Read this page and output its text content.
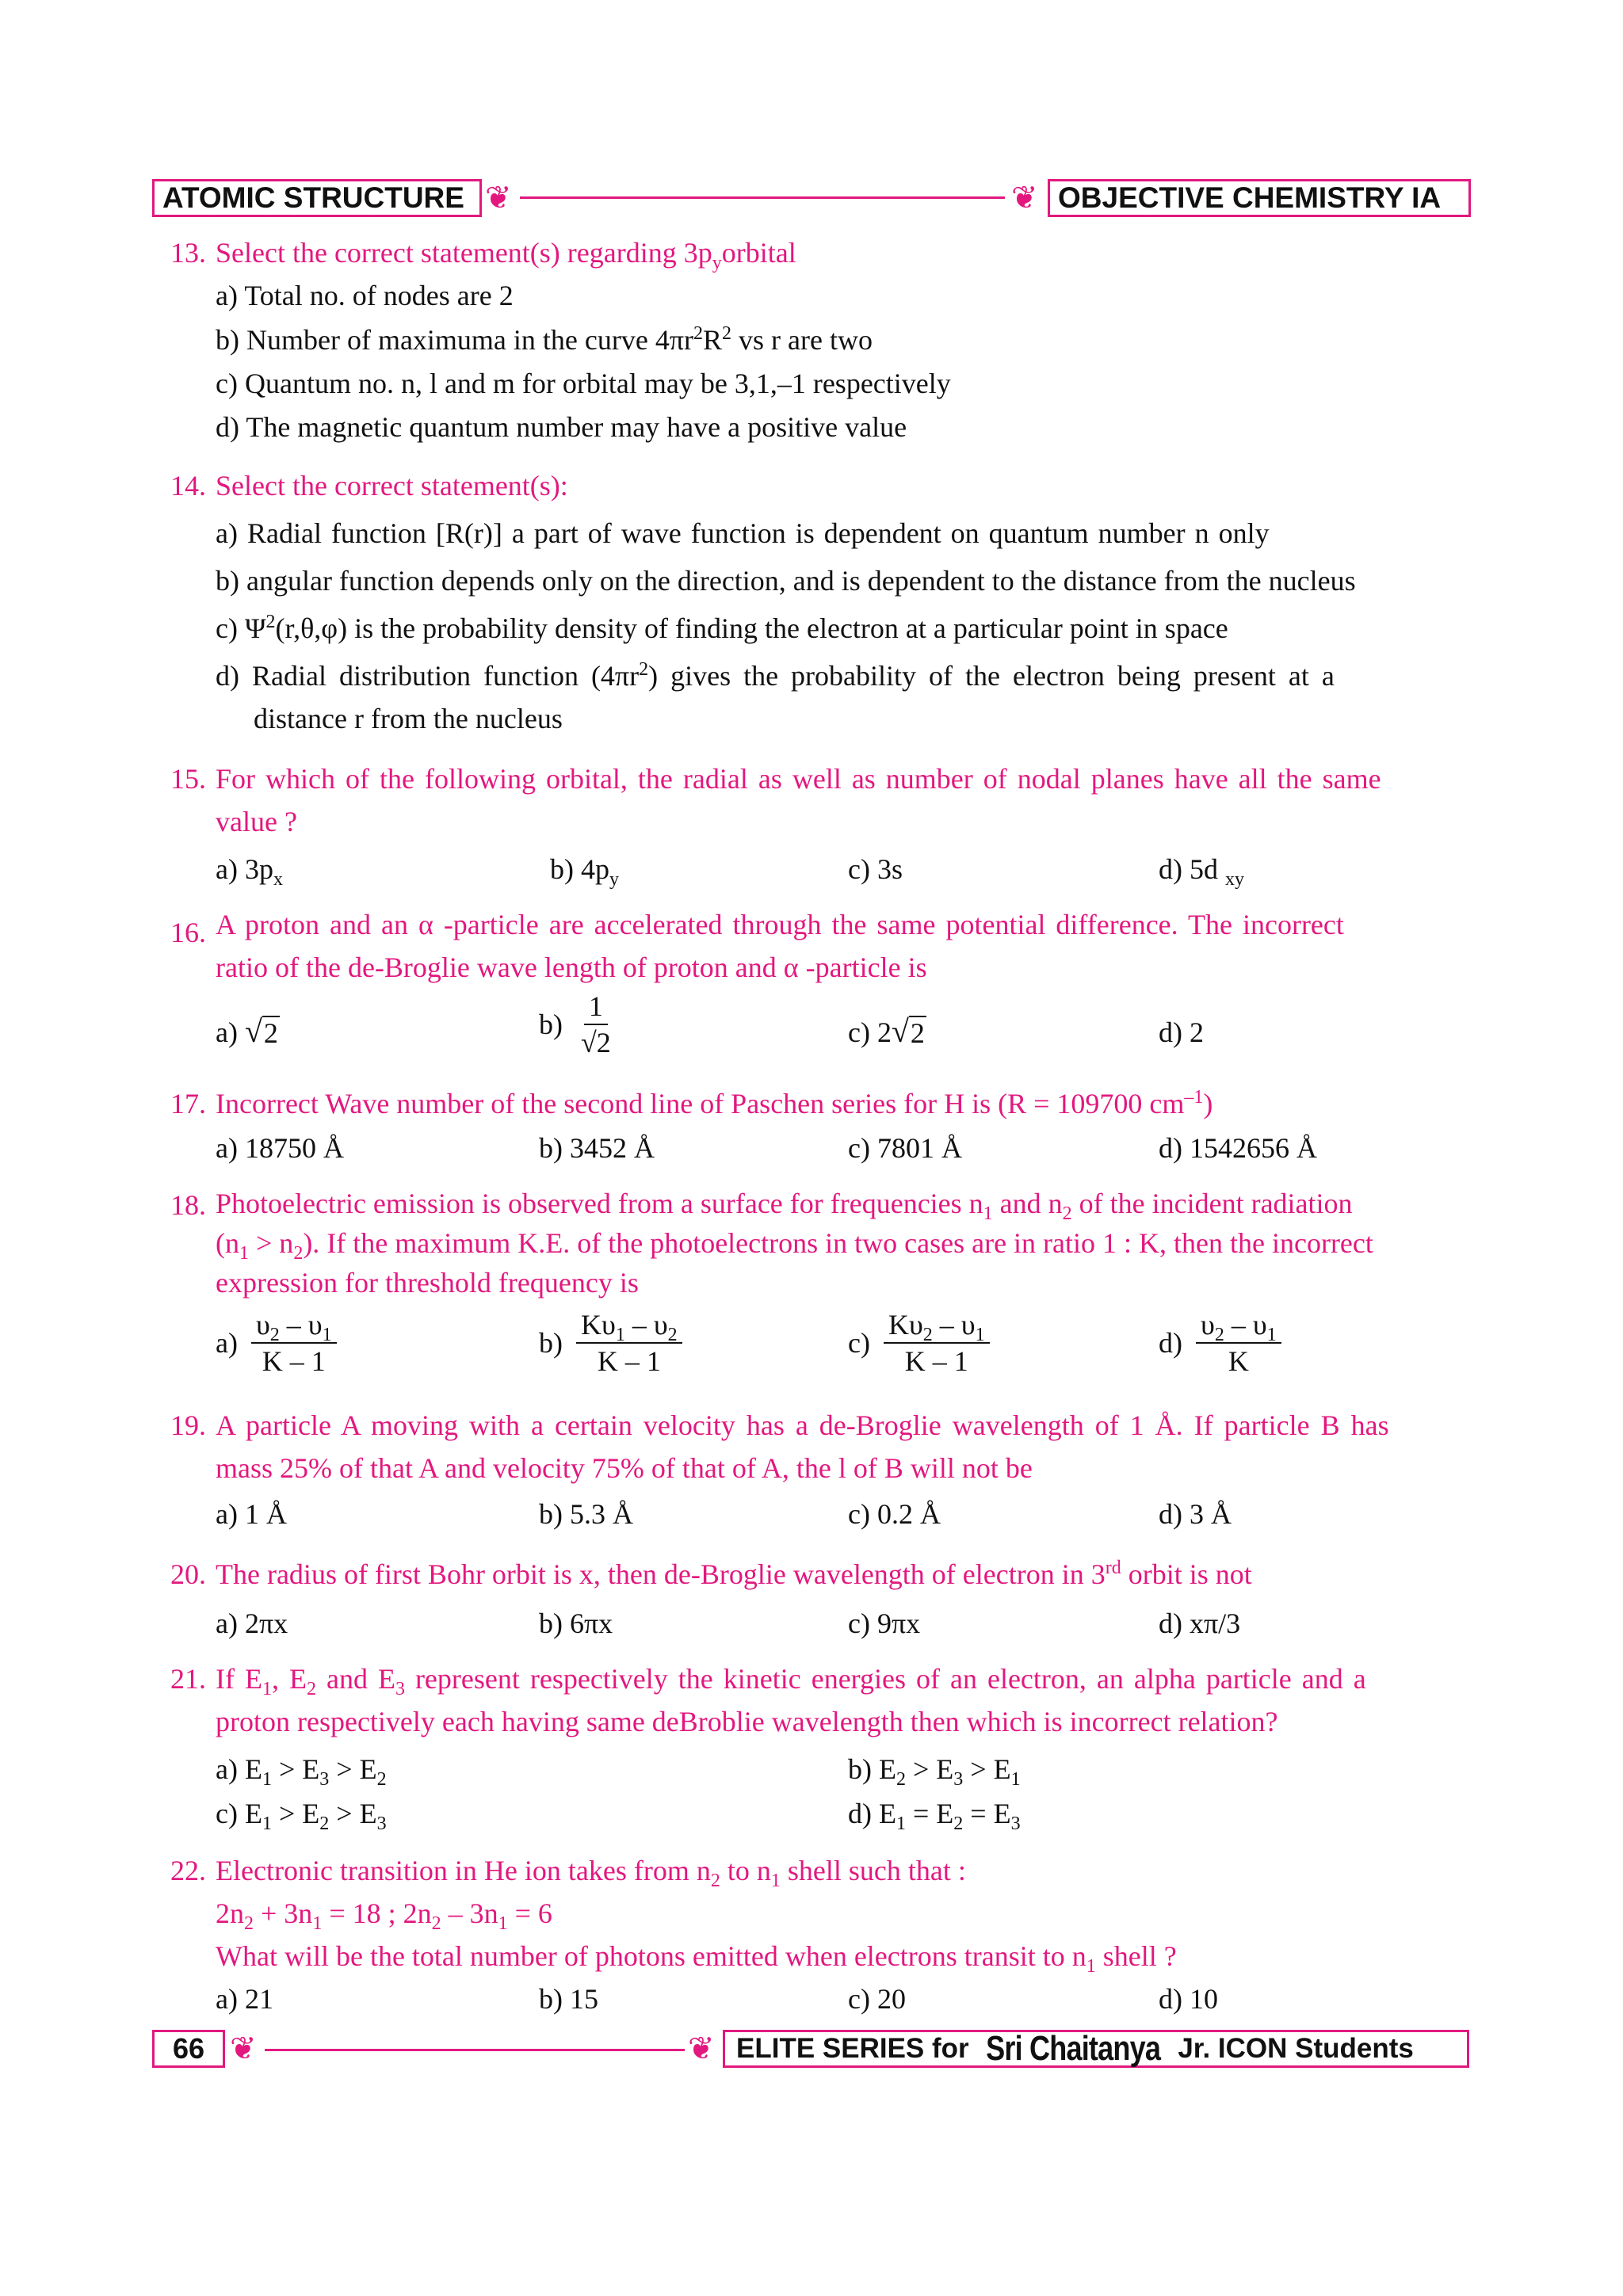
ATOMIC STRUCTURE ❦	❦ OBJECTIVE CHEMISTRY IA
13. Select the correct statement(s) regarding $3p_yorbital$
a) Total no. of nodes are 2
b) Number of maximuma in the curve $4\pi r^2R^2$ vs r are two
c) Quantum no. n, l and m for orbital may be 3,1,–1 respectively
d) The magnetic quantum number may have a positive value
14. Select the correct statement(s):
a) Radial function [R(r)] a part of wave function is dependent on quantum number n only
b) angular function depends only on the direction, and is dependent to the distance from the nucleus
c) $\Psi^2(r,\theta,\varphi)$ is the probability density of finding the electron at a particular point in space
d) Radial distribution function $(4\pi r^2)$ gives the probability of the electron being present at a
distance r from the nucleus
15. For which of the following orbital, the radial as well as number of nodal planes have all the same
value ?
a) $3p_x$	b) $4p_y$	c) 3s	d) 5d $_{xy}$
16. A proton and an α -particle are accelerated through the same potential difference. The incorrect
ratio of the de-Broglie wave length of proton and α -particle is
a) √ 2	$b) \frac{1}{√2}$	c) 2 √ 2	d) 2
17. Incorrect Wave number of the second line of Paschen series for H is (R = 109700 $cm^{-1}$)
a) 18750 Å	b) 3452 Å	c) 7801 Å	d) 1542656 Å
18. Photoelectric emission is observed from a surface for frequencies $n_1$ and $n_2$ of the incident radiation
$(n_1 > n_2)$. If the maximum K.E. of the photoelectrons in two cases are in ratio 1 : K, then the incorrect
expression for threshold frequency is
$a) \frac{\upsilon_2 - \upsilon_1}{K - 1}$	$b) \frac{K\upsilon_1 - \upsilon_2}{K - 1}$	$c) \frac{K\upsilon_2 - \upsilon_1}{K - 1}$	$d) \frac{\upsilon_2 - \upsilon_1}{K}$
19. A particle A moving with a certain velocity has a de-Broglie wavelength of 1 Å. If particle B has
mass 25% of that A and velocity 75% of that of A, the l of B will not be
a) 1 Å	b) 5.3 Å	c) 0.2 Å	d) 3 Å
20. The radius of first Bohr orbit is x, then de-Broglie wavelength of electron in 3rd orbit is not
a) 2πx	b) 6πx	c) 9πx	d) xπ/3
21. If $E_1$, $E_2$ and $E_3$ represent respectively the kinetic energies of an electron, an alpha particle and a
proton respectively each having same deBroblie wavelength then which is incorrect relation?
a) $E_1 > E_3 > E_2$	b) $E_2 > E_3 > E_1$
c) $E_1 > E_2 > E_3$	d) $E_1 = E_2 = E_3$
22. Electronic transition in He ion takes from $n_2$ to $n_1$ shell such that :
$2n_2 + 3n_1 = 18$ ; $2n_2 - 3n_1 = 6$
What will be the total number of photons emitted when electrons transit to $n_1$ shell ?
a) 21	b) 15	c) 20	d) 10
66 ❦	❦ ELITE SERIES for Sri Chaitanya Jr. ICON Students
